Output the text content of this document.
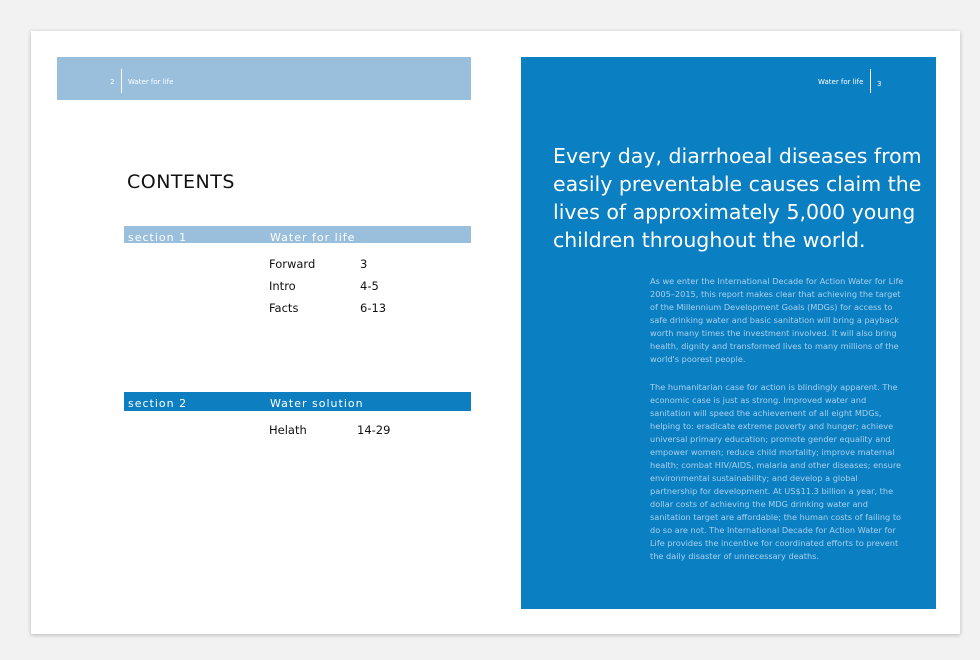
2 Water for life
CONTENTS
section 1	Water for life
Forward	3
Intro	4-5
Facts	6-13
section 2	Water solution
Helath	14-29
Water for life 3
Every day, diarrhoeal diseases from easily preventable causes claim the lives of approximately 5,000 young children throughout the world.
As we enter the International Decade for Action Water for Life 2005–2015, this report makes clear that achieving the target of the Millennium Development Goals (MDGs) for access to safe drinking water and basic sanitation will bring a payback worth many times the investment involved. It will also bring health, dignity and transformed lives to many millions of the world's poorest people.
The humanitarian case for action is blindingly apparent. The economic case is just as strong. Improved water and sanitation will speed the achievement of all eight MDGs, helping to: eradicate extreme poverty and hunger; achieve universal primary education; promote gender equality and empower women; reduce child mortality; improve maternal health; combat HIV/AIDS, malaria and other diseases; ensure environmental sustainability; and develop a global partnership for development. At US$11.3 billion a year, the dollar costs of achieving the MDG drinking water and sanitation target are affordable; the human costs of failing to do so are not. The International Decade for Action Water for Life provides the incentive for coordinated efforts to prevent the daily disaster of unnecessary deaths.
